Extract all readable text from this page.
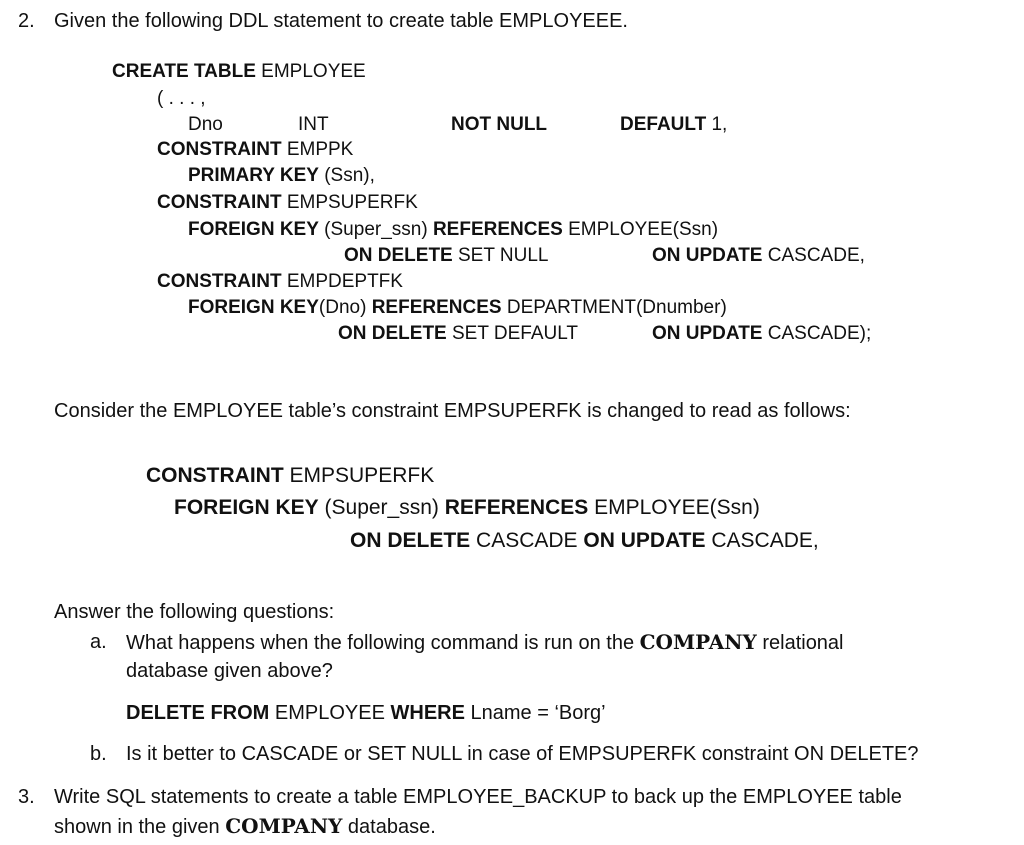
2. Given the following DDL statement to create table EMPLOYEEE.
CREATE TABLE EMPLOYEE
( . . . ,
Dno	INT	NOT NULL	DEFAULT 1,
CONSTRAINT EMPPK
PRIMARY KEY (Ssn),
CONSTRAINT EMPSUPERFK
FOREIGN KEY (Super_ssn) REFERENCES EMPLOYEE(Ssn)
ON DELETE SET NULL	ON UPDATE CASCADE,
CONSTRAINT EMPDEPTFK
FOREIGN KEY(Dno) REFERENCES DEPARTMENT(Dnumber)
ON DELETE SET DEFAULT	ON UPDATE CASCADE);
Consider the EMPLOYEE table’s constraint EMPSUPERFK is changed to read as follows:
CONSTRAINT EMPSUPERFK
FOREIGN KEY (Super_ssn) REFERENCES EMPLOYEE(Ssn)
ON DELETE CASCADE ON UPDATE CASCADE,
Answer the following questions:
a. What happens when the following command is run on the COMPANY relational
database given above?
DELETE FROM EMPLOYEE WHERE Lname = ‘Borg’
b. Is it better to CASCADE or SET NULL in case of EMPSUPERFK constraint ON DELETE?
3. Write SQL statements to create a table EMPLOYEE_BACKUP to back up the EMPLOYEE table
shown in the given COMPANY database.
